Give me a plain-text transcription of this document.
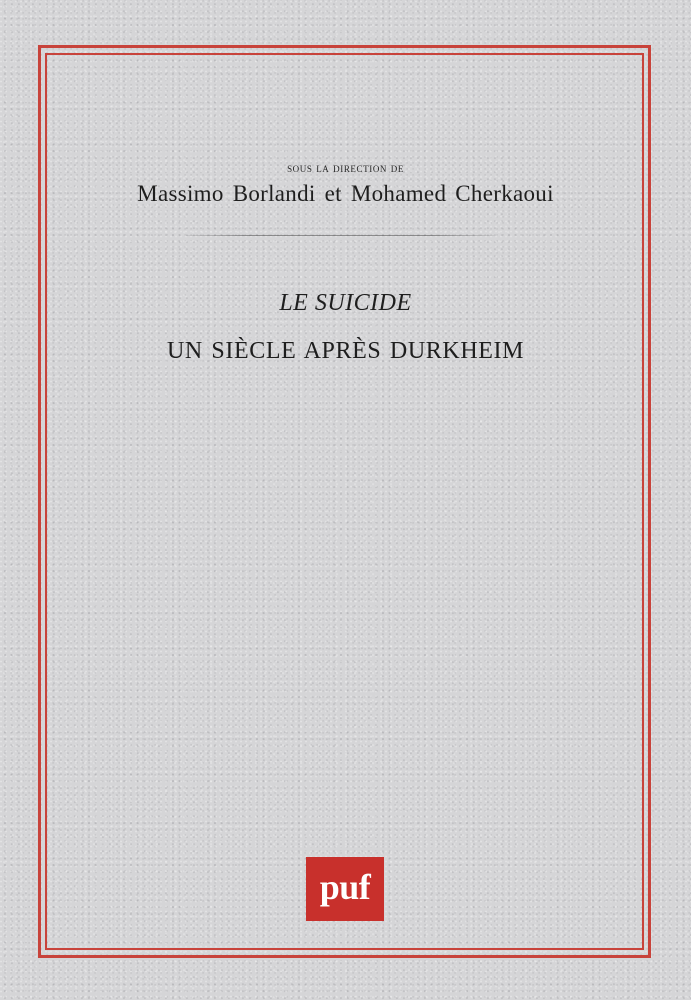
sous la direction de
Massimo Borlandi et Mohamed Cherkaoui
LE SUICIDE
UN SIÈCLE APRÈS DURKHEIM
puf
